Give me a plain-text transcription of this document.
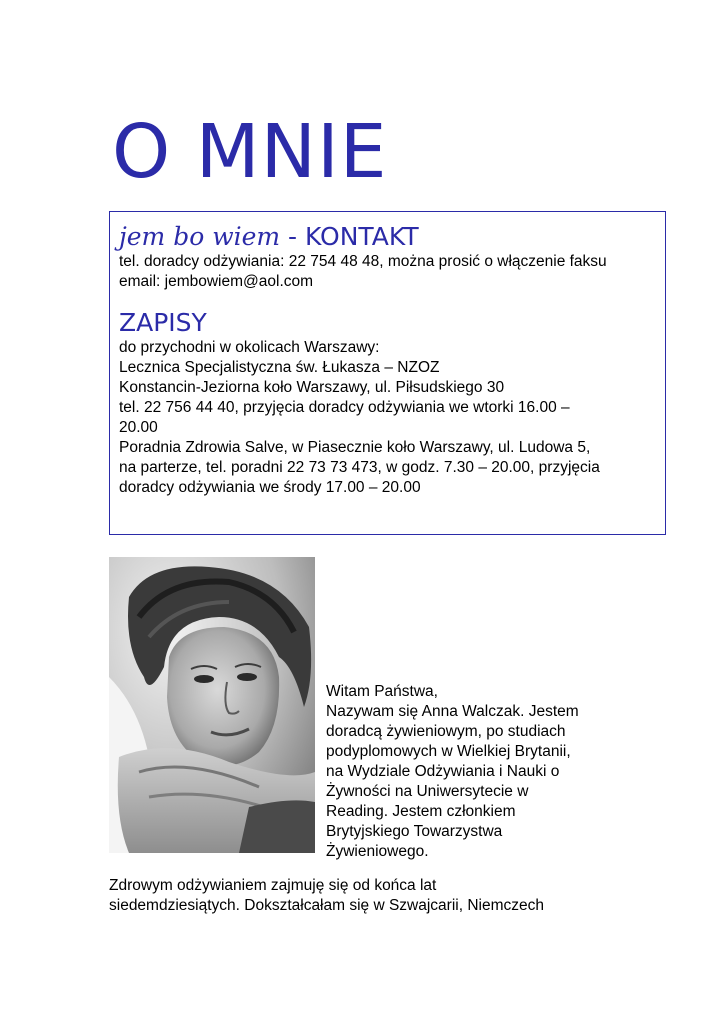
O MNIE
jem bo wiem - KONTAKT
tel. doradcy odżywiania: 22 754 48 48, można prosić o włączenie faksu
email: jembowiem@aol.com
ZAPISY
do przychodni w okolicach Warszawy:
Lecznica Specjalistyczna św. Łukasza – NZOZ
Konstancin-Jeziorna koło Warszawy, ul. Piłsudskiego 30
tel. 22 756 44 40, przyjęcia doradcy odżywiania we wtorki 16.00 –
20.00
Poradnia Zdrowia Salve, w Piasecznie koło Warszawy, ul. Ludowa 5,
na parterze, tel. poradni 22 73 73 473, w godz. 7.30 – 20.00, przyjęcia
doradcy odżywiania we środy 17.00 – 20.00
Witam Państwa,
Nazywam się Anna Walczak. Jestem
doradcą żywieniowym, po studiach
podyplomowych w Wielkiej Brytanii,
na Wydziale Odżywiania i Nauki o
Żywności na Uniwersytecie w
Reading. Jestem członkiem
Brytyjskiego Towarzystwa
Żywieniowego.
Zdrowym odżywianiem zajmuję się od końca lat
siedemdziesiątych. Dokształcałam się w Szwajcarii, Niemczech
